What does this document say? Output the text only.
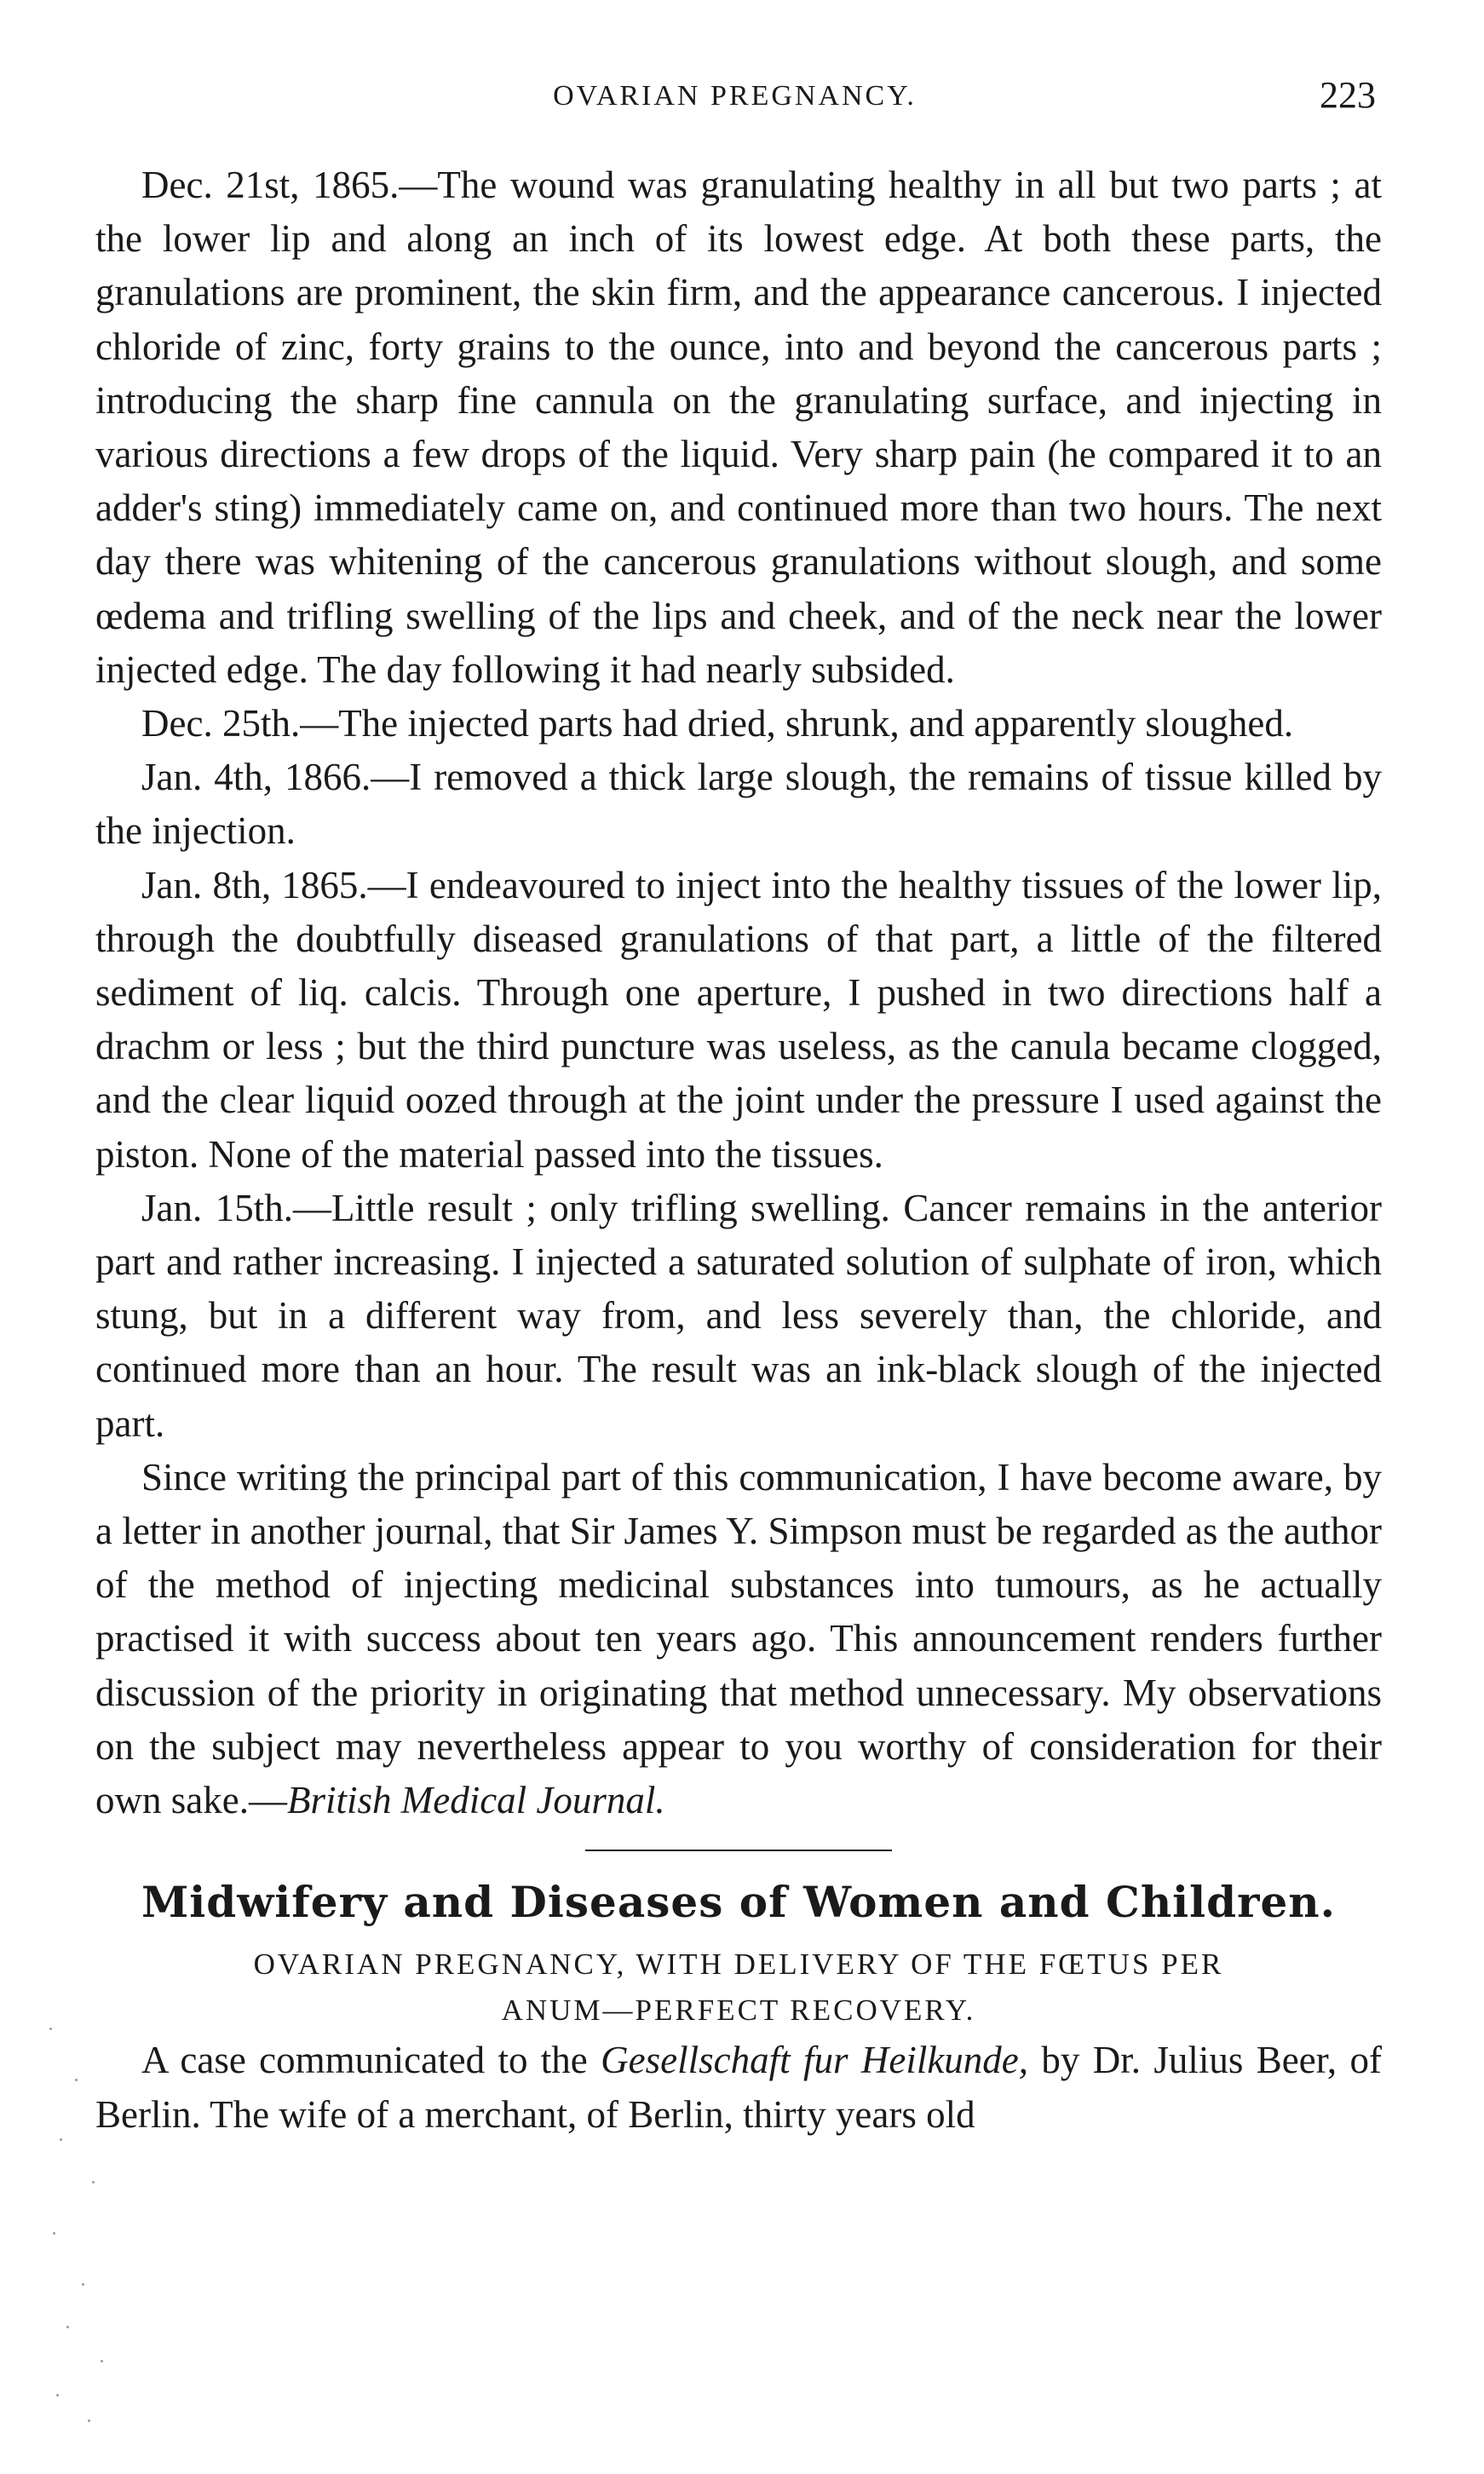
OVARIAN PREGNANCY.	223

Dec. 21st, 1865.—The wound was granulating healthy in all but two parts ; at the lower lip and along an inch of its lowest edge. At both these parts, the granulations are prominent, the skin firm, and the appearance cancerous. I injected chloride of zinc, forty grains to the ounce, into and beyond the cancerous parts ; introducing the sharp fine cannula on the granulating surface, and injecting in various directions a few drops of the liquid. Very sharp pain (he compared it to an adder's sting) immediately came on, and continued more than two hours. The next day there was whitening of the cancerous granulations without slough, and some œdema and trifling swelling of the lips and cheek, and of the neck near the lower injected edge. The day following it had nearly subsided.

Dec. 25th.—The injected parts had dried, shrunk, and apparently sloughed.

Jan. 4th, 1866.—I removed a thick large slough, the remains of tissue killed by the injection.

Jan. 8th, 1865.—I endeavoured to inject into the healthy tissues of the lower lip, through the doubtfully diseased granulations of that part, a little of the filtered sediment of liq. calcis. Through one aperture, I pushed in two directions half a drachm or less ; but the third puncture was useless, as the canula became clogged, and the clear liquid oozed through at the joint under the pressure I used against the piston. None of the material passed into the tissues.

Jan. 15th.—Little result ; only trifling swelling. Cancer remains in the anterior part and rather increasing. I injected a saturated solution of sulphate of iron, which stung, but in a different way from, and less severely than, the chloride, and continued more than an hour. The result was an ink-black slough of the injected part.

Since writing the principal part of this communication, I have become aware, by a letter in another journal, that Sir James Y. Simpson must be regarded as the author of the method of injecting medicinal substances into tumours, as he actually practised it with success about ten years ago. This announcement renders further discussion of the priority in originating that method unnecessary. My observations on the subject may nevertheless appear to you worthy of consideration for their own sake.—British Medical Journal.

Midwifery and Diseases of Women and Children.
OVARIAN PREGNANCY, WITH DELIVERY OF THE FŒTUS PER
ANUM—PERFECT RECOVERY.

A case communicated to the Gesellschaft fur Heilkunde, by Dr. Julius Beer, of Berlin. The wife of a merchant, of Berlin, thirty years old
